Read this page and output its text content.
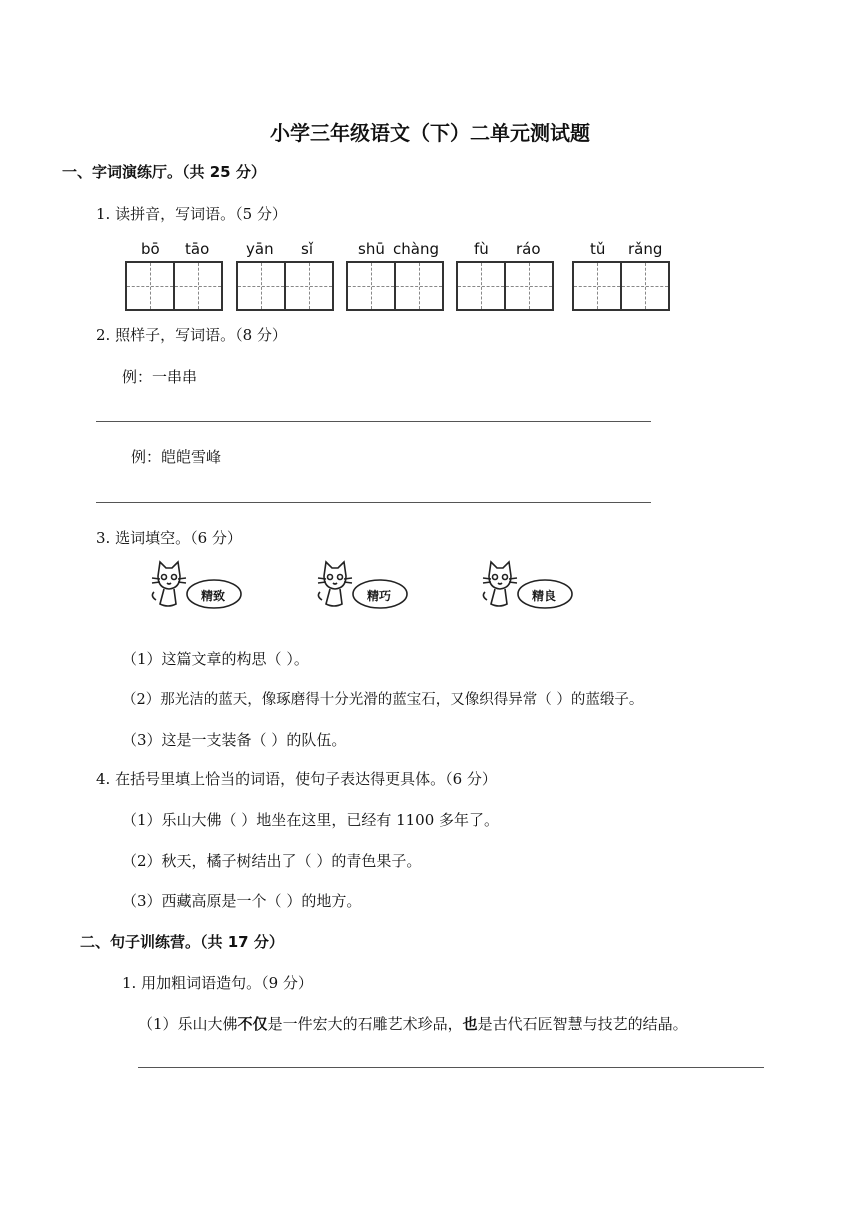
小学三年级语文（下）二单元测试题
一、字词演练厅。（共 25 分）
1. 读拼音，写词语。（5 分）
bō tāo yān sǐ	shū chàng fù ráo	tǔ rǎng
2. 照样子，写词语。（8 分）
例：一串串
例：皑皑雪峰
3. 选词填空。（6 分）
精致	精巧	精良
（1）这篇文章的构思（ ）。
（2）那光洁的蓝天，像琢磨得十分光滑的蓝宝石，又像织得异常（ ）的蓝缎子。
（3）这是一支装备（ ）的队伍。
4. 在括号里填上恰当的词语，使句子表达得更具体。（6 分）
（1）乐山大佛（ ）地坐在这里，已经有 1100 多年了。
（2）秋天，橘子树结出了（ ）的青色果子。
（3）西藏高原是一个（ ）的地方。
二、句子训练营。（共 17 分）
1. 用加粗词语造句。（9 分）
（1）乐山大佛不仅是一件宏大的石雕艺术珍品，也是古代石匠智慧与技艺的结晶。
